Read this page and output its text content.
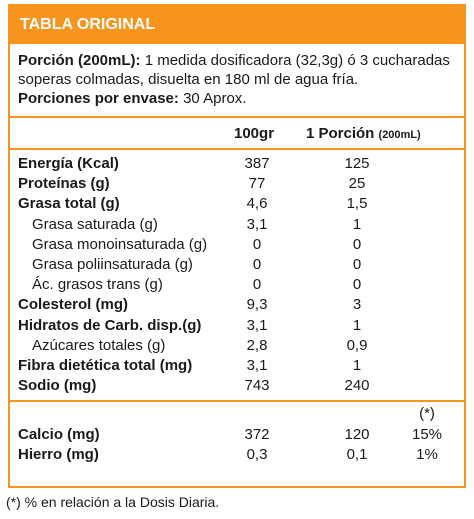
TABLA ORIGINAL
Porción (200mL): 1 medida dosificadora (32,3g) ó 3 cucharadas soperas colmadas, disuelta en 180 ml de agua fría.
Porciones por envase: 30 Aprox.
100gr 1 Porción (200mL)
Energía (Kcal)	387	125
Proteínas (g)	77	25
Grasa total (g)	4,6	1,5
Grasa saturada (g)	3,1	1
Grasa monoinsaturada (g)	0	0
Grasa poliinsaturada (g)	0	0
Ác. grasos trans (g)	0	0
Colesterol (mg)	9,3	3
Hidratos de Carb. disp.(g)	3,1	1
Azúcares totales (g)	2,8	0,9
Fibra dietética total (mg)	3,1	1
Sodio (mg)	743	240
(*)
Calcio (mg)	372	120	15%
Hierro (mg)	0,3	0,1	1%
(*) % en relación a la Dosis Diaria.
